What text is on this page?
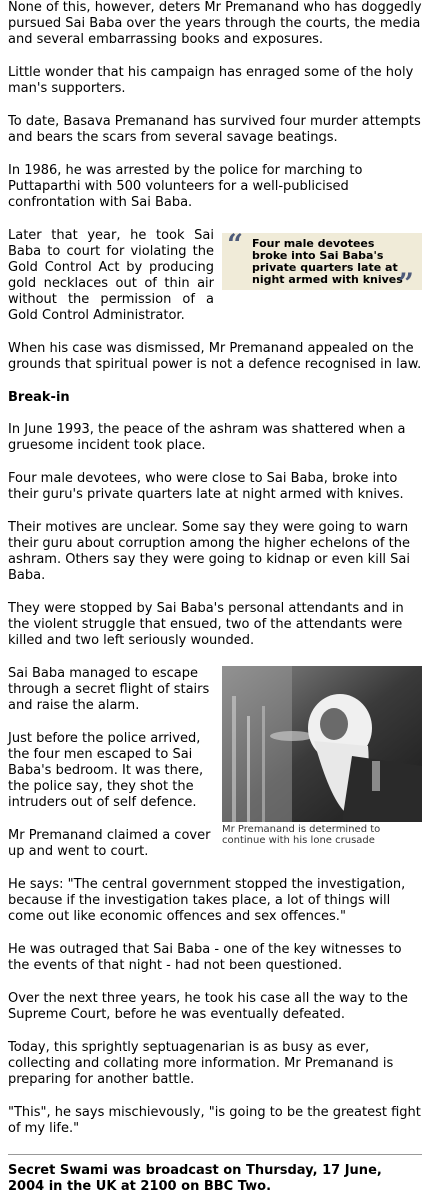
None of this, however, deters Mr Premanand who has doggedly pursued Sai Baba over the years through the courts, the media and several embarrassing books and exposures.

Little wonder that his campaign has enraged some of the holy man's supporters.

To date, Basava Premanand has survived four murder attempts and bears the scars from several savage beatings.

In 1986, he was arrested by the police for marching to Puttaparthi with 500 volunteers for a well-publicised confrontation with Sai Baba.

“ Four male devotees broke into Sai Baba's private quarters late at night armed with knives
”

Later that year, he took Sai Baba to court for violating the Gold Control Act by producing gold necklaces out of thin air without the permission of a Gold Control Administrator.

When his case was dismissed, Mr Premanand appealed on the grounds that spiritual power is not a defence recognised in law.

Break-in

In June 1993, the peace of the ashram was shattered when a gruesome incident took place.

Four male devotees, who were close to Sai Baba, broke into their guru's private quarters late at night armed with knives.

Their motives are unclear. Some say they were going to warn their guru about corruption among the higher echelons of the ashram. Others say they were going to kidnap or even kill Sai Baba.

They were stopped by Sai Baba's personal attendants and in the violent struggle that ensued, two of the attendants were killed and two left seriously wounded.

Mr Premanand is determined to continue with his lone crusade

Sai Baba managed to escape through a secret flight of stairs and raise the alarm.

Just before the police arrived, the four men escaped to Sai Baba's bedroom. It was there, the police say, they shot the intruders out of self defence.

Mr Premanand claimed a cover up and went to court.

He says: "The central government stopped the investigation, because if the investigation takes place, a lot of things will come out like economic offences and sex offences."

He was outraged that Sai Baba - one of the key witnesses to the events of that night - had not been questioned.

Over the next three years, he took his case all the way to the Supreme Court, before he was eventually defeated.

Today, this sprightly septuagenarian is as busy as ever, collecting and collating more information. Mr Premanand is preparing for another battle.

"This", he says mischievously, "is going to be the greatest fight of my life."

Secret Swami was broadcast on Thursday, 17 June, 2004 in the UK at 2100 on BBC Two.
